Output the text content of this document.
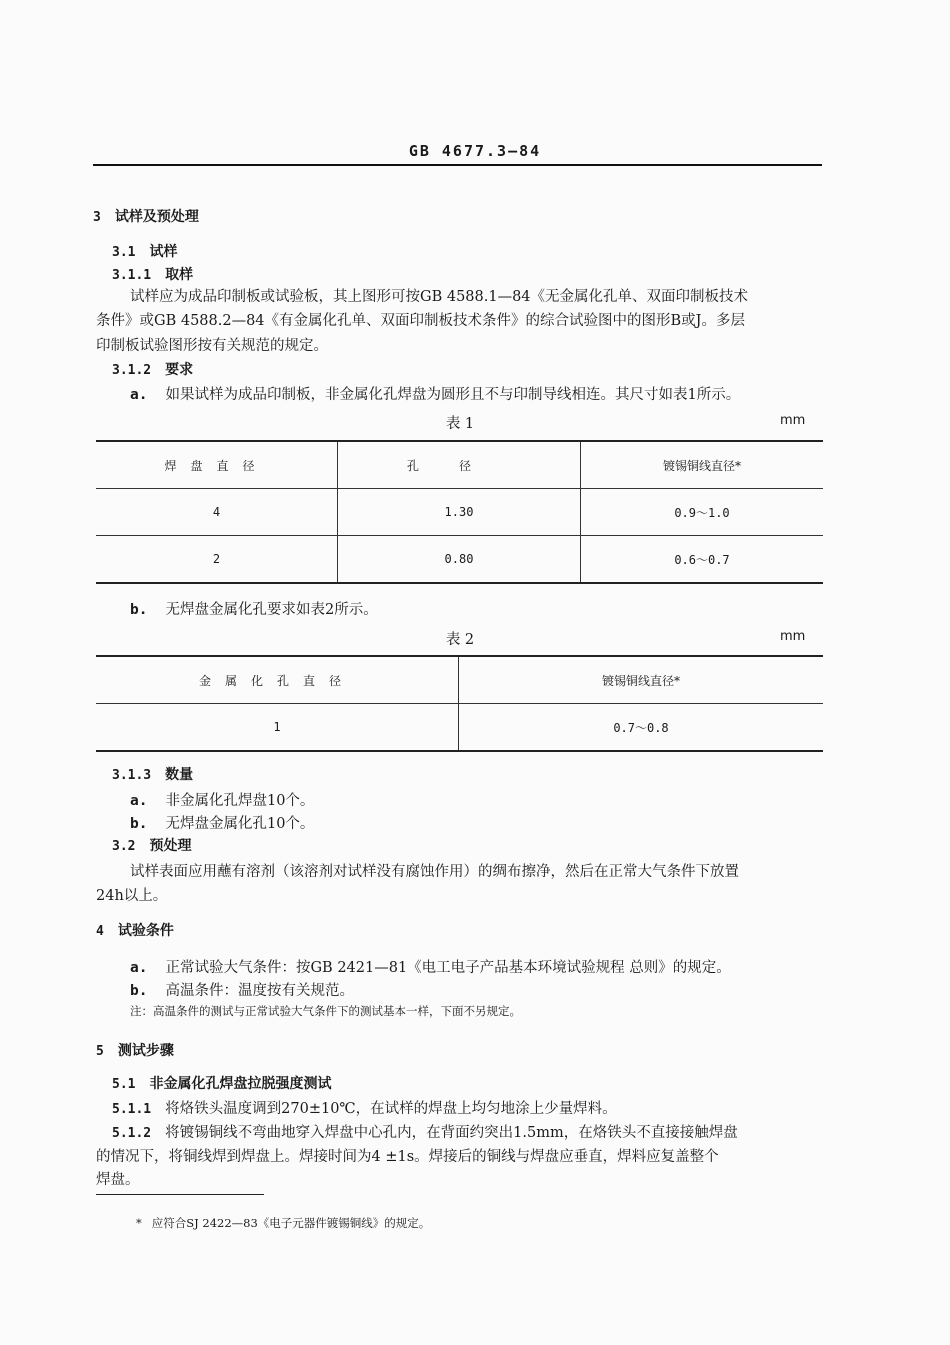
GB 4677.3—84
3 试样及预处理
3.1 试样
3.1.1 取样
试样应为成品印制板或试验板，其上图形可按GB 4588.1—84《无金属化孔单、双面印制板技术
条件》或GB 4588.2—84《有金属化孔单、双面印制板技术条件》的综合试验图中的图形B或J。多层
印制板试验图形按有关规范的规定。
3.1.2 要求
a. 如果试样为成品印制板，非金属化孔焊盘为圆形且不与印制导线相连。其尺寸如表1所示。
表 1	mm
焊盘直径	孔径	镀锡铜线直径*
4	1.30	0.9～1.0
2	0.80	0.6～0.7
b. 无焊盘金属化孔要求如表2所示。
表 2	mm
金属化孔直径	镀锡铜线直径*
1	0.7～0.8
3.1.3 数量
a. 非金属化孔焊盘10个。
b. 无焊盘金属化孔10个。
3.2 预处理
试样表面应用蘸有溶剂（该溶剂对试样没有腐蚀作用）的绸布擦净，然后在正常大气条件下放置
24h以上。
4 试验条件
a. 正常试验大气条件：按GB 2421—81《电工电子产品基本环境试验规程 总则》的规定。
b. 高温条件：温度按有关规范。
注：高温条件的测试与正常试验大气条件下的测试基本一样，下面不另规定。
5 测试步骤
5.1 非金属化孔焊盘拉脱强度测试
5.1.1 将烙铁头温度调到270±10℃，在试样的焊盘上均匀地涂上少量焊料。
5.1.2 将镀锡铜线不弯曲地穿入焊盘中心孔内，在背面约突出1.5mm，在烙铁头不直接接触焊盘
的情况下，将铜线焊到焊盘上。焊接时间为4 ±1s。焊接后的铜线与焊盘应垂直，焊料应复盖整个
焊盘。
* 应符合SJ 2422—83《电子元器件镀锡铜线》的规定。
